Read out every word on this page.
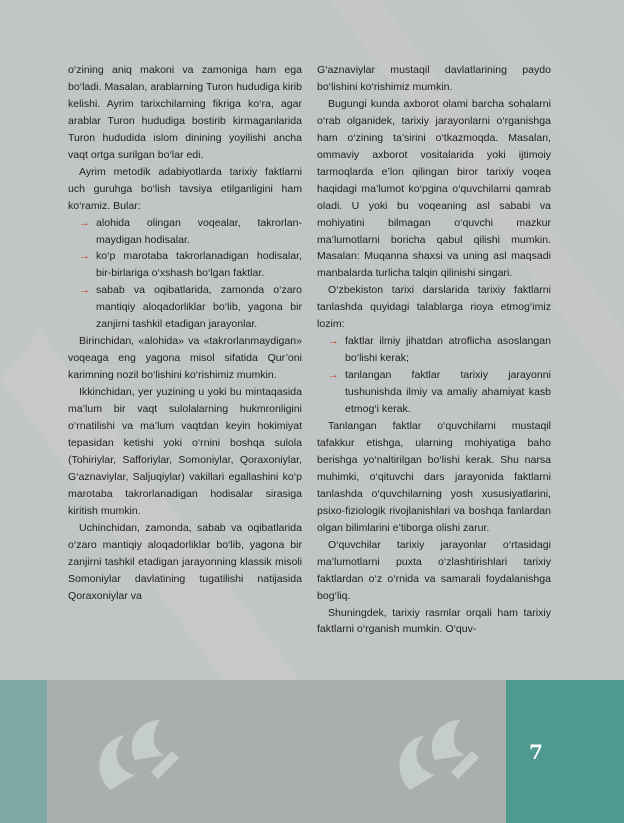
o‘zining aniq makoni va zamoniga ham ega bo‘ladi. Masalan, arablarning Turon hududiga kirib kelishi. Ayrim tarixchilarning fikriga ko‘ra, agar arablar Turon hududiga bostirib kirmaganlarida Turon hududida islom dinining yoyilishi ancha vaqt ortga surilgan bo‘lar edi.

Ayrim metodik adabiyotlarda tarixiy faktlarni uch guruhga bo‘lish tavsiya etilganligini ham ko‘ramiz. Bular:

→ alohida olingan voqealar, takrorlanmaydigan hodisalar.
→ ko‘p marotaba takrorlanadigan hodisalar, bir-birlariga o‘xshash bo‘lgan faktlar.
→ sabab va oqibatlarida, zamonda o‘zaro mantiqiy aloqadorliklar bo‘lib, yagona bir zanjirni tashkil etadigan jarayonlar.

Birinchidan, «alohida» va «takrorlanmaydigan» voqeaga eng yagona misol sifatida Qur’oni karimning nozil bo‘lishini ko‘rishimiz mumkin.

Ikkinchidan, yer yuzining u yoki bu mintaqasida ma’lum bir vaqt sulolalarning hukmronligini o‘rnatilishi va ma’lum vaqtdan keyin hokimiyat tepasidan ketishi yoki o‘rnini boshqa sulola (Tohiriylar, Safforiylar, Somoniylar, Qoraxoniylar, G‘aznaviylar, Saljuqiylar) vakillari egallashini ko‘p marotaba takrorlanadigan hodisalar sirasiga kiritish mumkin.

Uchinchidan, zamonda, sabab va oqibatlarida o‘zaro mantiqiy aloqadorliklar bo‘lib, yagona bir zanjirni tashkil etadigan jarayonning klassik misoli Somoniylar davlatining tugatilishi natijasida Qoraxoniylar va

G‘aznaviylar mustaqil davlatlarining paydo bo‘lishini ko‘rishimiz mumkin.

Bugungi kunda axborot olami barcha sohalarni o‘rab olganidek, tarixiy jarayonlarni o‘rganishga ham o‘zining ta’sirini o‘tkazmoqda. Masalan, ommaviy axborot vositalarida yoki ijtimoiy tarmoqlarda e’lon qilingan biror tarixiy voqea haqidagi ma’lumot ko‘pgina o‘quvchilarni qamrab oladi. U yoki bu voqeaning asl sababi va mohiyatini bilmagan o‘quvchi mazkur ma’lumotlarni boricha qabul qilishi mumkin. Masalan: Muqanna shaxsi va uning asl maqsadi manbalarda turlicha talqin qilinishi singari.

O‘zbekiston tarixi darslarida tarixiy faktlarni tanlashda quyidagi talablarga rioya etmog‘imiz lozim:

→ faktlar ilmiy jihatdan atroflicha asoslangan bo‘lishi kerak;
→ tanlangan faktlar tarixiy jarayonni tushunishda ilmiy va amaliy ahamiyat kasb etmog‘i kerak.

Tanlangan faktlar o‘quvchilarni mustaqil tafakkur etishga, ularning mohiyatiga baho berishga yo‘naltirilgan bo‘lishi kerak. Shu narsa muhimki, o‘qituvchi dars jarayonida faktlarni tanlashda o‘quvchilarning yosh xususiyatlarini, psixo-fiziologik rivojlanishlari va boshqa fanlardan olgan bilimlarini e’tiborga olishi zarur.

O‘quvchilar tarixiy jarayonlar o‘rtasidagi ma’lumotlarni puxta o‘zlashtirishlari tarixiy faktlardan o‘z o‘rnida va samarali foydalanishga bog‘liq.

Shuningdek, tarixiy rasmlar orqali ham tarixiy faktlarni o‘rganish mumkin. O‘quv-

7
